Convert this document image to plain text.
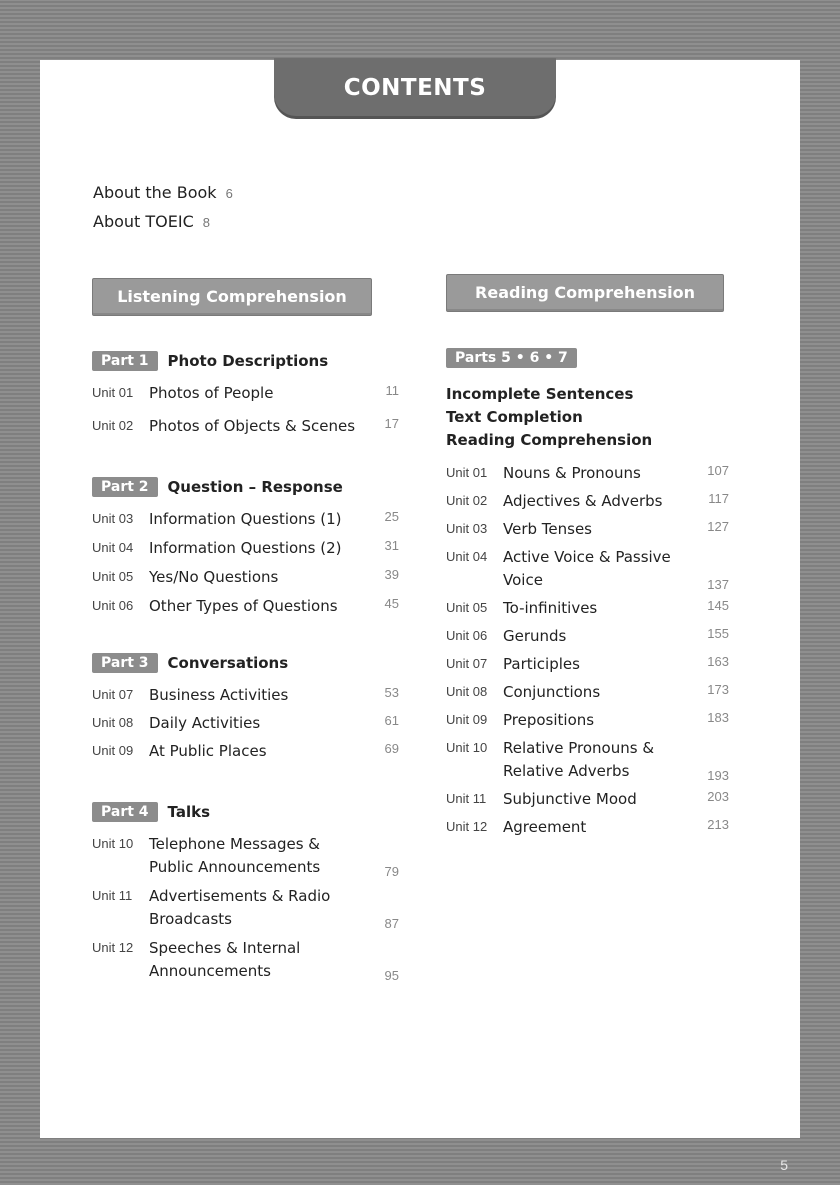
CONTENTS
About the Book 6
About TOEIC 8
Listening Comprehension
Part 1	Photo Descriptions
Unit 01	Photos of People	11
Unit 02	Photos of Objects & Scenes	17
Part 2	Question – Response
Unit 03	Information Questions (1)	25
Unit 04	Information Questions (2)	31
Unit 05	Yes/No Questions	39
Unit 06	Other Types of Questions	45
Part 3	Conversations
Unit 07	Business Activities	53
Unit 08	Daily Activities	61
Unit 09	At Public Places	69
Part 4	Talks
Unit 10	Telephone Messages & Public Announcements	79
Unit 11	Advertisements & Radio Broadcasts	87
Unit 12	Speeches & Internal Announcements	95
Reading Comprehension
Parts 5 • 6 • 7
Incomplete Sentences
Text Completion
Reading Comprehension
Unit 01	Nouns & Pronouns	107
Unit 02	Adjectives & Adverbs	117
Unit 03	Verb Tenses	127
Unit 04	Active Voice & Passive Voice	137
Unit 05	To-infinitives	145
Unit 06	Gerunds	155
Unit 07	Participles	163
Unit 08	Conjunctions	173
Unit 09	Prepositions	183
Unit 10	Relative Pronouns & Relative Adverbs	193
Unit 11	Subjunctive Mood	203
Unit 12	Agreement	213
5
